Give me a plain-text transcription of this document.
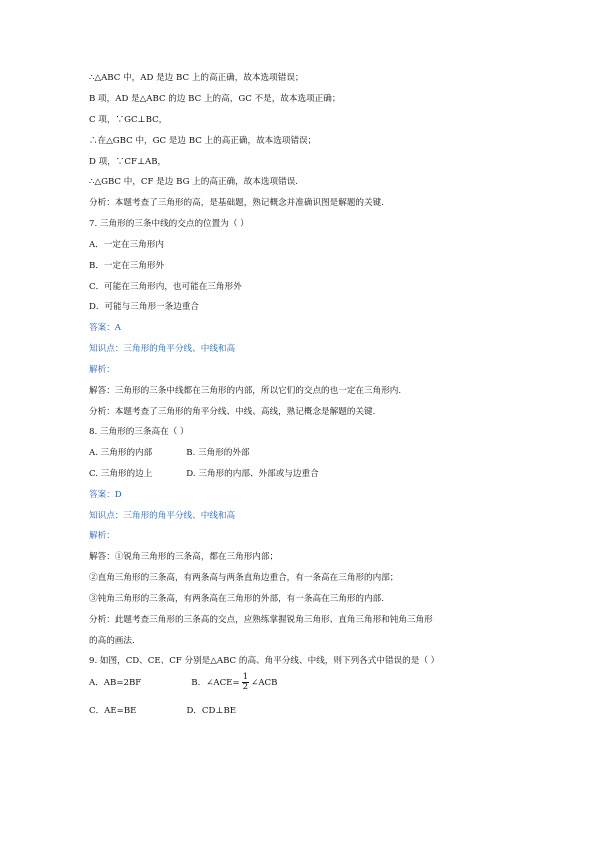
∴△ABC 中，AD 是边 BC 上的高正确，故本选项错误；
B 项，AD 是△ABC 的边 BC 上的高，GC 不是，故本选项正确；
C 项，∵GC⊥BC，
∴在△GBC 中，GC 是边 BC 上的高正确，故本选项错误；
D 项，∵CF⊥AB，
∴△GBC 中，CF 是边 BG 上的高正确，故本选项错误.
分析：本题考查了三角形的高，是基础题，熟记概念并准确识图是解题的关键.
7. 三角形的三条中线的交点的位置为（ ）
A．一定在三角形内
B．一定在三角形外
C．可能在三角形内，也可能在三角形外
D．可能与三角形一条边重合
答案：A
知识点：三角形的角平分线、中线和高
解析：
解答：三角形的三条中线都在三角形的内部，所以它们的交点的也一定在三角形内.
分析：本题考查了三角形的角平分线、中线、高线，熟记概念是解题的关键.
8. 三角形的三条高在（ ）
A. 三角形的内部	B. 三角形的外部
C. 三角形的边上	D. 三角形的内部、外部或与边重合
答案：D
知识点：三角形的角平分线、中线和高
解析：
解答：①锐角三角形的三条高，都在三角形内部；
②直角三角形的三条高，有两条高与两条直角边重合，有一条高在三角形的内部；
③钝角三角形的三条高，有两条高在三角形的外部，有一条高在三角形的内部.
分析：此题考查三角形的三条高的交点，应熟练掌握锐角三角形、直角三角形和钝角三角形
的高的画法.
9. 如图，CD、CE、CF 分别是△ABC 的高、角平分线、中线，则下列各式中错误的是（ ）
A．AB=2BF	B．∠ACE= $\frac{1}{2}$ ∠ACB
C．AE=BE	D．CD⊥BE
